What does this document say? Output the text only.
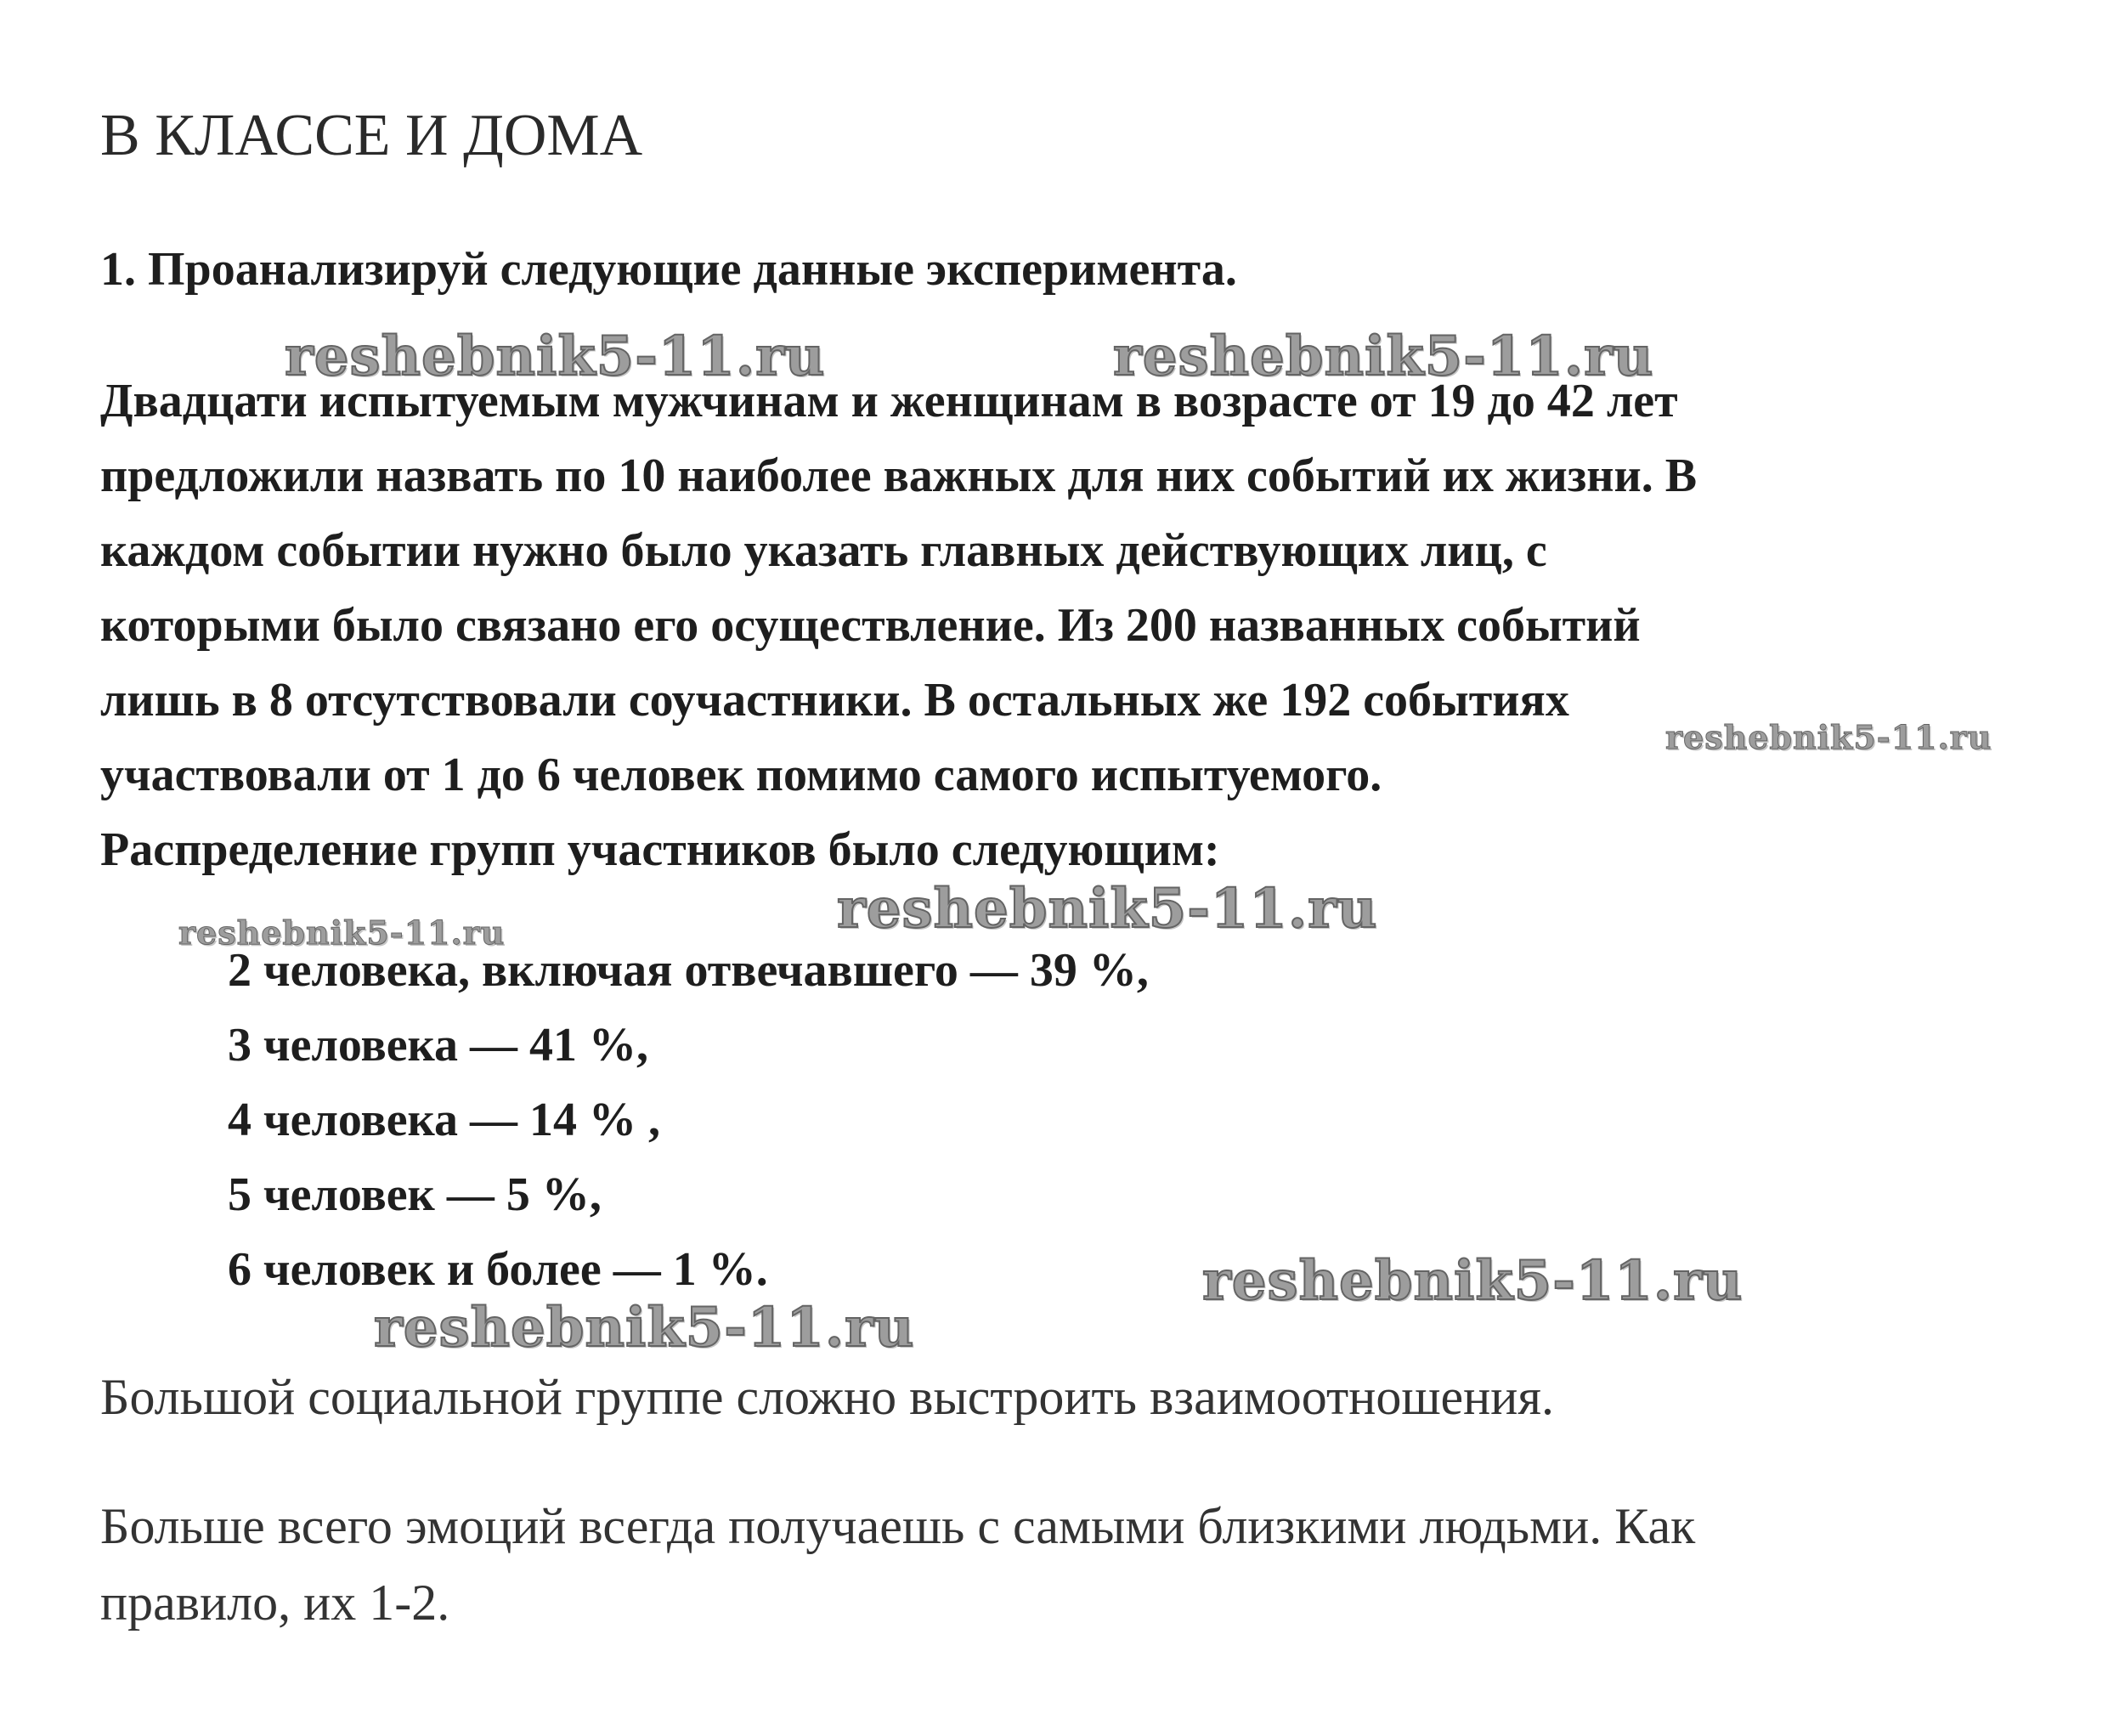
В КЛАССЕ И ДОМА

1. Проанализируй следующие данные эксперимента.

Двадцати испытуемым мужчинам и женщинам в возрасте от 19 до 42 лет

предложили назвать по 10 наиболее важных для них событий их жизни. В

каждом событии нужно было указать главных действующих лиц, с

которыми было связано его осуществление. Из 200 названных событий

лишь в 8 отсутствовали соучастники. В остальных же 192 событиях

участвовали от 1 до 6 человек помимо самого испытуемого.

Распределение групп участников было следующим:

2 человека, включая отвечавшего — 39 %,

3 человека — 41 %,

4 человека — 14 % ,

5 человек — 5 %,

6 человек и более — 1 %.

Большой социальной группе сложно выстроить взаимоотношения.

Больше всего эмоций всегда получаешь с самыми близкими людьми. Как

правило, их 1-2.

reshebnik5-11.ru	reshebnik5-11.ru
reshebnik5-11.ru
reshebnik5-11.ru
reshebnik5-11.ru
reshebnik5-11.ru
reshebnik5-11.ru
